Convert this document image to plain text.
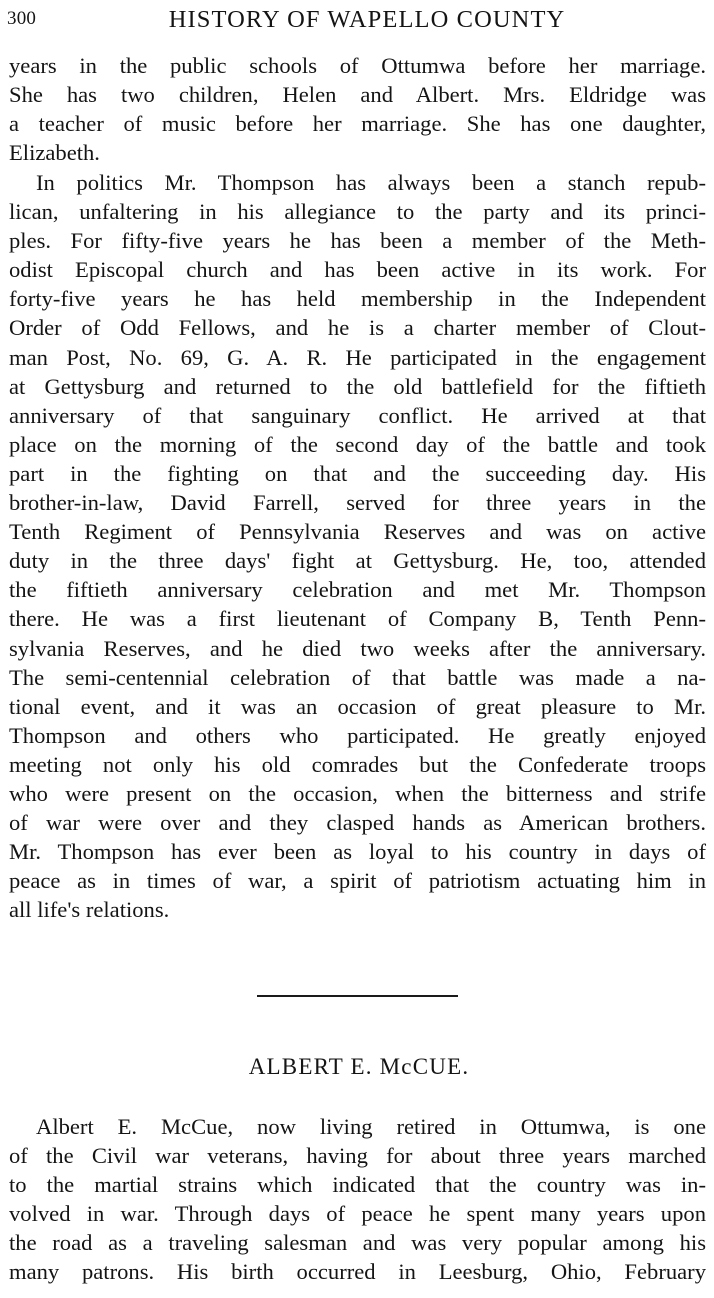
300	HISTORY OF WAPELLO COUNTY
years in the public schools of Ottumwa before her marriage.
She has two children, Helen and Albert. Mrs. Eldridge was
a teacher of music before her marriage. She has one daughter,
Elizabeth.
In politics Mr. Thompson has always been a stanch repub-
lican, unfaltering in his allegiance to the party and its princi-
ples. For fifty-five years he has been a member of the Meth-
odist Episcopal church and has been active in its work. For
forty-five years he has held membership in the Independent
Order of Odd Fellows, and he is a charter member of Clout-
man Post, No. 69, G. A. R. He participated in the engagement
at Gettysburg and returned to the old battlefield for the fiftieth
anniversary of that sanguinary conflict. He arrived at that
place on the morning of the second day of the battle and took
part in the fighting on that and the succeeding day. His
brother-in-law, David Farrell, served for three years in the
Tenth Regiment of Pennsylvania Reserves and was on active
duty in the three days' fight at Gettysburg. He, too, attended
the fiftieth anniversary celebration and met Mr. Thompson
there. He was a first lieutenant of Company B, Tenth Penn-
sylvania Reserves, and he died two weeks after the anniversary.
The semi-centennial celebration of that battle was made a na-
tional event, and it was an occasion of great pleasure to Mr.
Thompson and others who participated. He greatly enjoyed
meeting not only his old comrades but the Confederate troops
who were present on the occasion, when the bitterness and strife
of war were over and they clasped hands as American brothers.
Mr. Thompson has ever been as loyal to his country in days of
peace as in times of war, a spirit of patriotism actuating him in
all life's relations.
ALBERT E. McCUE.
Albert E. McCue, now living retired in Ottumwa, is one
of the Civil war veterans, having for about three years marched
to the martial strains which indicated that the country was in-
volved in war. Through days of peace he spent many years upon
the road as a traveling salesman and was very popular among his
many patrons. His birth occurred in Leesburg, Ohio, February
